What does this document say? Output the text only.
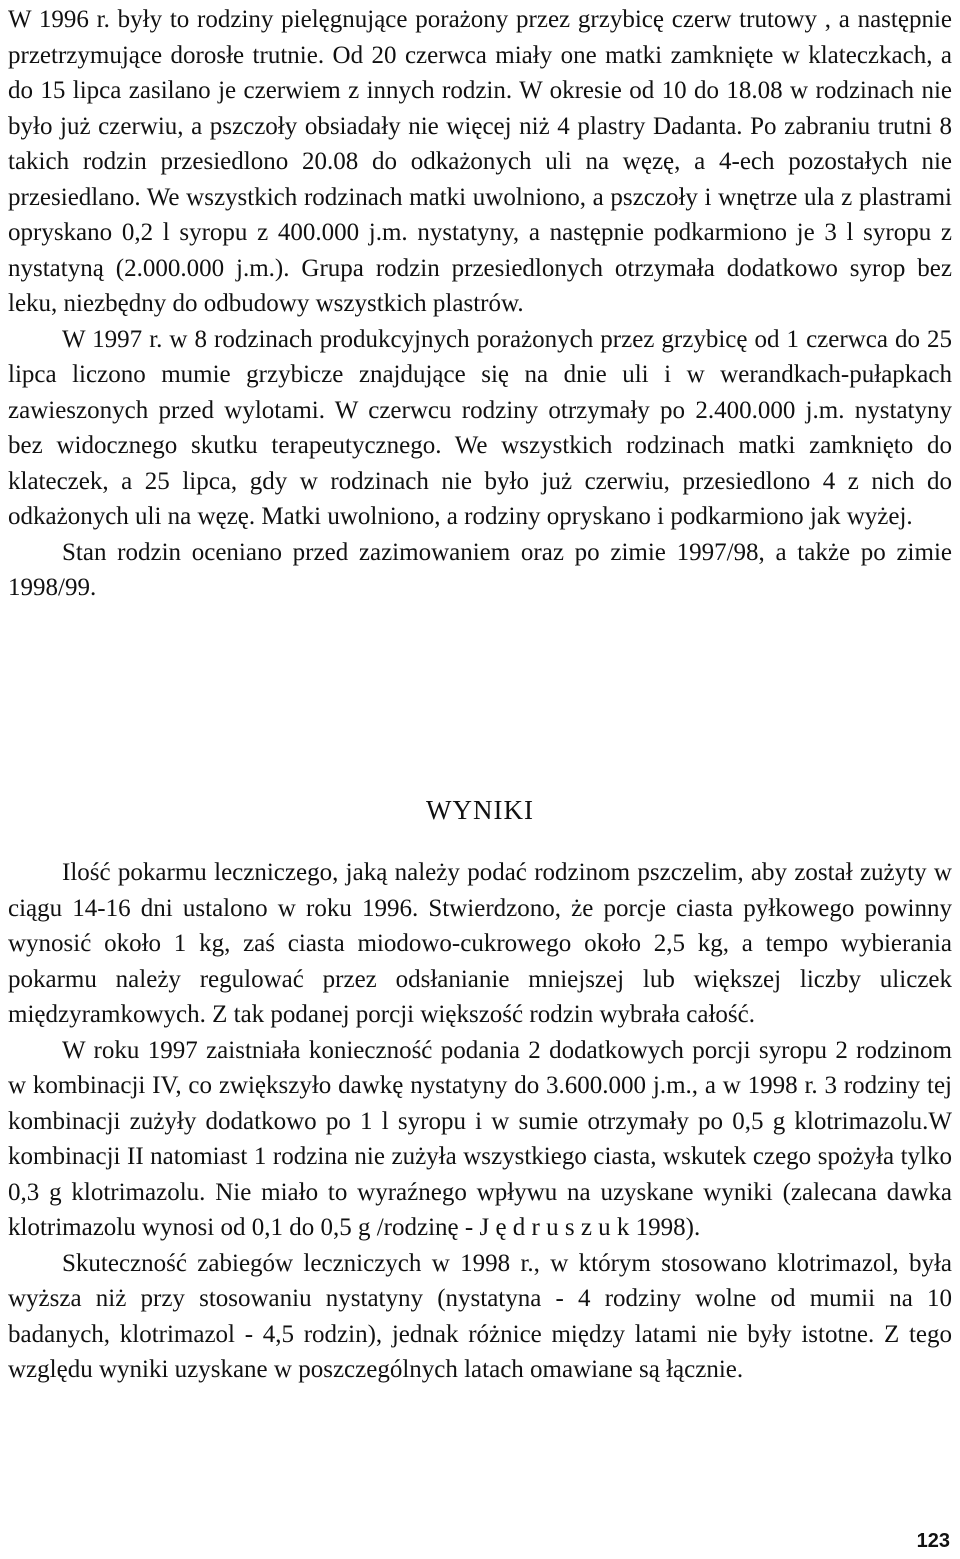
W 1996 r. były to rodziny pielęgnujące porażony przez grzybicę czerw trutowy , a następnie przetrzymujące dorosłe trutnie. Od 20 czerwca miały one matki zamknięte w klateczkach, a do 15 lipca zasilano je czerwiem z innych rodzin. W okresie od 10 do 18.08 w rodzinach nie było już czerwiu, a pszczoły obsiadały nie więcej niż 4 plastry Dadanta. Po zabraniu trutni 8 takich rodzin przesiedlono 20.08 do odkażonych uli na węzę, a 4-ech pozostałych nie przesiedlano. We wszystkich rodzinach matki uwolniono, a pszczoły i wnętrze ula z plastrami opryskano 0,2 l syropu z 400.000 j.m. nystatyny, a następnie podkarmiono je 3 l syropu z nystatyną (2.000.000 j.m.). Grupa rodzin przesiedlonych otrzymała dodatkowo syrop bez leku, niezbędny do odbudowy wszystkich plastrów.

W 1997 r. w 8 rodzinach produkcyjnych porażonych przez grzybicę od 1 czerwca do 25 lipca liczono mumie grzybicze znajdujące się na dnie uli i w werandkach-pułapkach zawieszonych przed wylotami. W czerwcu rodziny otrzymały po 2.400.000 j.m. nystatyny bez widocznego skutku terapeutycznego. We wszystkich rodzinach matki zamknięto do klateczek, a 25 lipca, gdy w rodzinach nie było już czerwiu, przesiedlono 4 z nich do odkażonych uli na węzę. Matki uwolniono, a rodziny opryskano i podkarmiono jak wyżej.

Stan rodzin oceniano przed zazimowaniem oraz po zimie 1997/98, a także po zimie 1998/99.

WYNIKI

Ilość pokarmu leczniczego, jaką należy podać rodzinom pszczelim, aby został zużyty w ciągu 14-16 dni ustalono w roku 1996. Stwierdzono, że porcje ciasta pyłkowego powinny wynosić około 1 kg, zaś ciasta miodowo-cukrowego około 2,5 kg, a tempo wybierania pokarmu należy regulować przez odsłanianie mniejszej lub większej liczby uliczek międzyramkowych. Z tak podanej porcji większość rodzin wybrała całość.

W roku 1997 zaistniała konieczność podania 2 dodatkowych porcji syropu 2 rodzinom w kombinacji IV, co zwiększyło dawkę nystatyny do 3.600.000 j.m., a w 1998 r. 3 rodziny tej kombinacji zużyły dodatkowo po 1 l syropu i w sumie otrzymały po 0,5 g klotrimazolu.W kombinacji II natomiast 1 rodzina nie zużyła wszystkiego ciasta, wskutek czego spożyła tylko 0,3 g klotrimazolu. Nie miało to wyraźnego wpływu na uzyskane wyniki (zalecana dawka klotrimazolu wynosi od 0,1 do 0,5 g /rodzinę - J ę d r u s z u k 1998).

Skuteczność zabiegów leczniczych w 1998 r., w którym stosowano klotrimazol, była wyższa niż przy stosowaniu nystatyny (nystatyna - 4 rodziny wolne od mumii na 10 badanych, klotrimazol - 4,5 rodzin), jednak różnice między latami nie były istotne. Z tego względu wyniki uzyskane w poszczególnych latach omawiane są łącznie.

123
